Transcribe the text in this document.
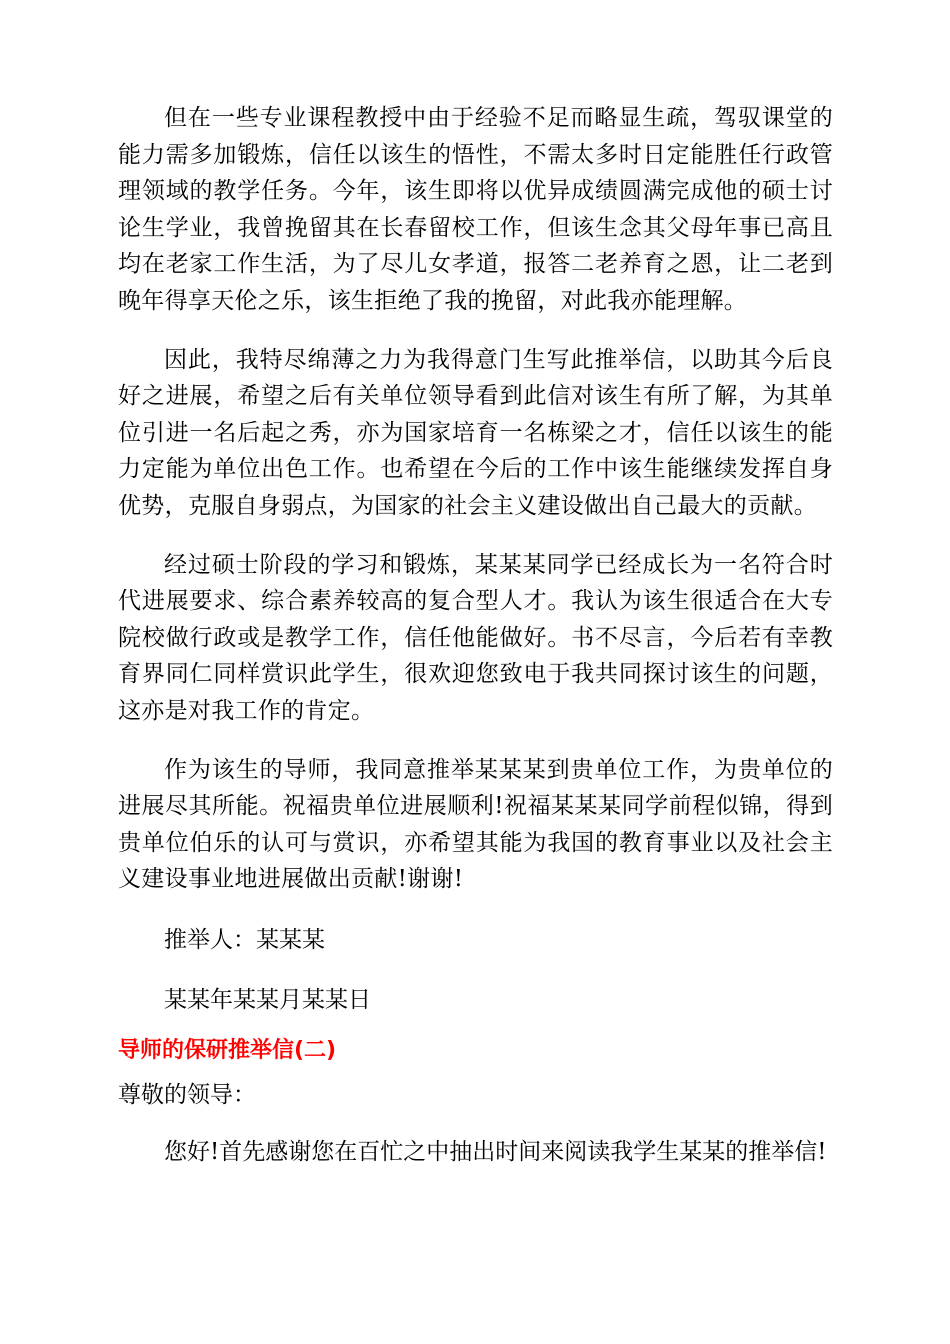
但在一些专业课程教授中由于经验不足而略显生疏，驾驭课堂的能力需多加锻炼，信任以该生的悟性，不需太多时日定能胜任行政管理领域的教学任务。今年，该生即将以优异成绩圆满完成他的硕士讨论生学业，我曾挽留其在长春留校工作，但该生念其父母年事已高且均在老家工作生活，为了尽儿女孝道，报答二老养育之恩，让二老到晚年得享天伦之乐，该生拒绝了我的挽留，对此我亦能理解。

因此，我特尽绵薄之力为我得意门生写此推举信，以助其今后良好之进展，希望之后有关单位领导看到此信对该生有所了解，为其单位引进一名后起之秀，亦为国家培育一名栋梁之才，信任以该生的能力定能为单位出色工作。也希望在今后的工作中该生能继续发挥自身优势，克服自身弱点，为国家的社会主义建设做出自己最大的贡献。

经过硕士阶段的学习和锻炼，某某某同学已经成长为一名符合时代进展要求、综合素养较高的复合型人才。我认为该生很适合在大专院校做行政或是教学工作，信任他能做好。书不尽言，今后若有幸教育界同仁同样赏识此学生，很欢迎您致电于我共同探讨该生的问题，这亦是对我工作的肯定。

作为该生的导师，我同意推举某某某到贵单位工作，为贵单位的进展尽其所能。祝福贵单位进展顺利!祝福某某某同学前程似锦，得到贵单位伯乐的认可与赏识，亦希望其能为我国的教育事业以及社会主义建设事业地进展做出贡献!谢谢!

推举人：某某某

某某年某某月某某日

导师的保研推举信(二)

尊敬的领导：

您好!首先感谢您在百忙之中抽出时间来阅读我学生某某的推举信!
